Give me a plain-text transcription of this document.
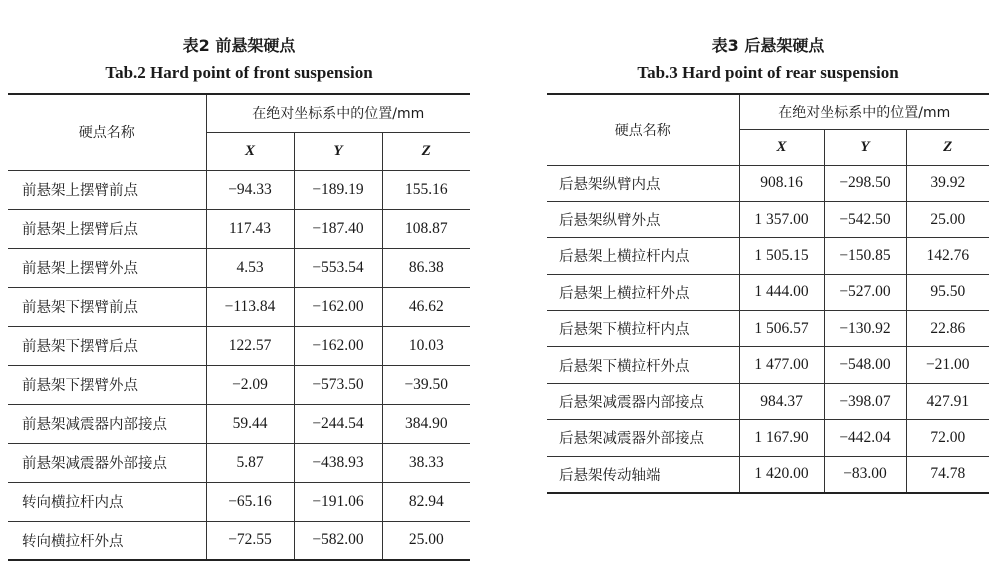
表2 前悬架硬点
Tab.2 Hard point of front suspension
硬点名称	在绝对坐标系中的位置/mm		
	X	Y	Z
前悬架上摆臂前点	−94.33	−189.19	155.16
前悬架上摆臂后点	117.43	−187.40	108.87
前悬架上摆臂外点	4.53	−553.54	86.38
前悬架下摆臂前点	−113.84	−162.00	46.62
前悬架下摆臂后点	122.57	−162.00	10.03
前悬架下摆臂外点	−2.09	−573.50	−39.50
前悬架减震器内部接点	59.44	−244.54	384.90
前悬架减震器外部接点	5.87	−438.93	38.33
转向横拉杆内点	−65.16	−191.06	82.94
转向横拉杆外点	−72.55	−582.00	25.00
表3 后悬架硬点
Tab.3 Hard point of rear suspension
硬点名称	在绝对坐标系中的位置/mm		
	X	Y	Z
后悬架纵臂内点	908.16	−298.50	39.92
后悬架纵臂外点	1 357.00	−542.50	25.00
后悬架上横拉杆内点	1 505.15	−150.85	142.76
后悬架上横拉杆外点	1 444.00	−527.00	95.50
后悬架下横拉杆内点	1 506.57	−130.92	22.86
后悬架下横拉杆外点	1 477.00	−548.00	−21.00
后悬架减震器内部接点	984.37	−398.07	427.91
后悬架减震器外部接点	1 167.90	−442.04	72.00
后悬架传动轴端	1 420.00	−83.00	74.78
